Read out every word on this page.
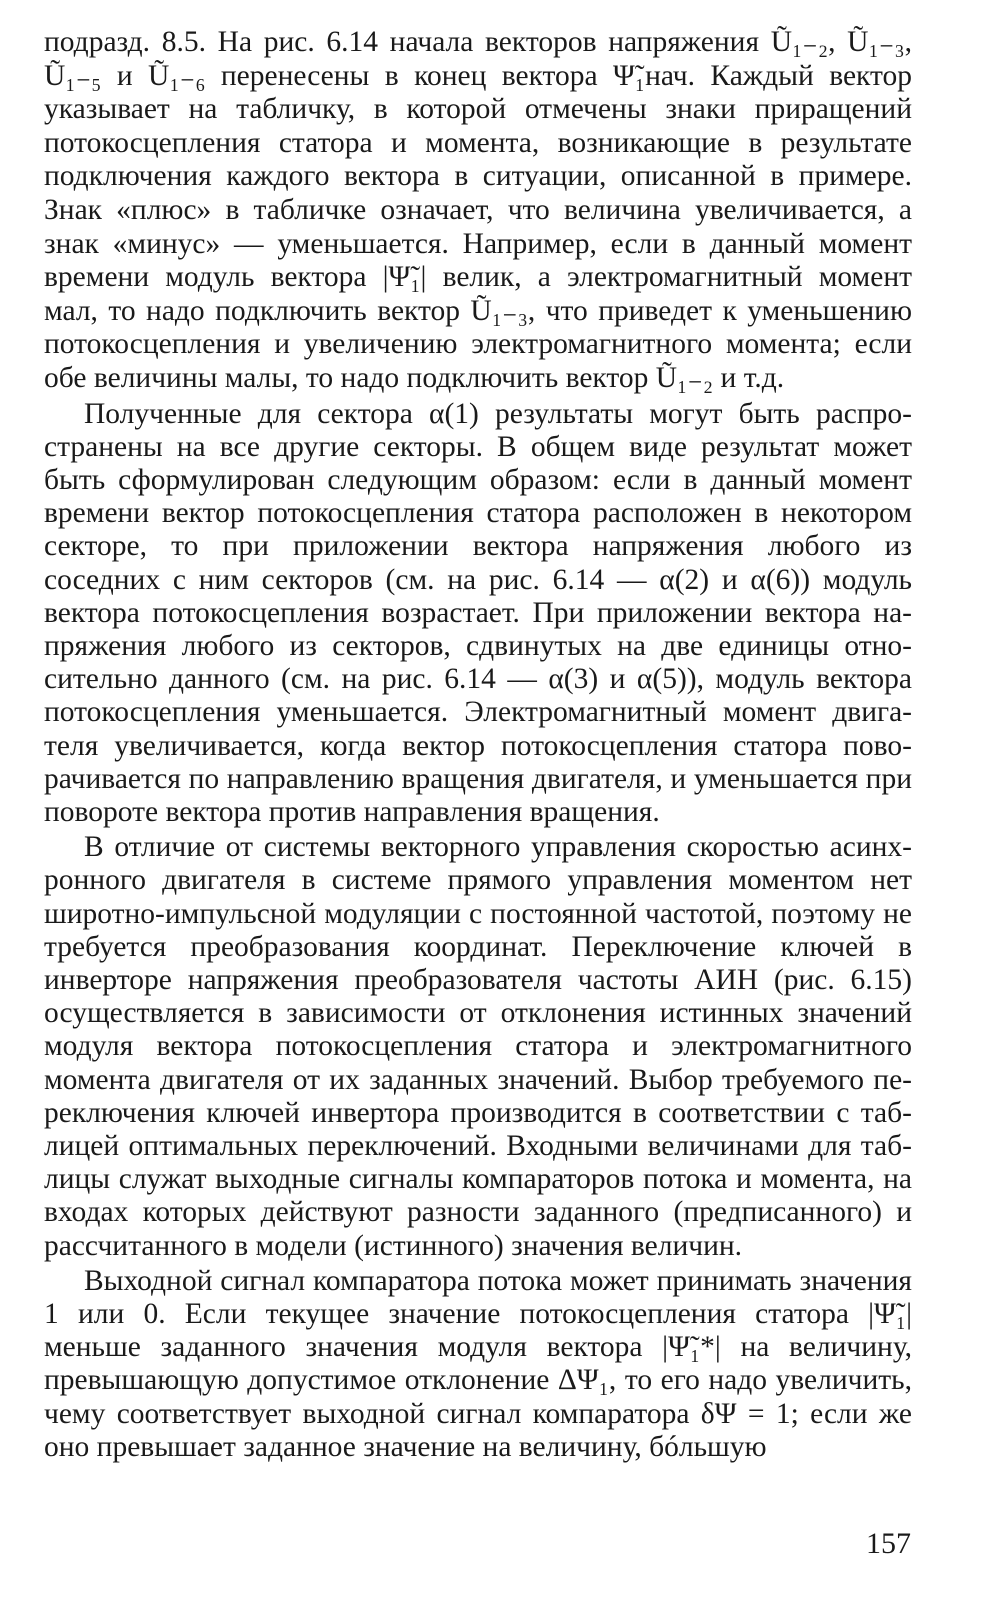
подразд. 8.5. На рис. 6.14 начала векторов напряжения Ũ₁₋₂, Ũ₁₋₃, Ũ₁₋₅ и Ũ₁₋₆ перенесены в конец вектора Ψ̃₁нач. Каждый вектор указывает на табличку, в которой отмечены знаки приращений потокосцепления статора и момента, возникающие в результате подключения каждого вектора в ситуации, описанной в примере. Знак «плюс» в табличке означает, что величина увеличивается, а знак «минус» — уменьшается. Например, если в данный момент времени модуль вектора |Ψ̃₁| велик, а электромагнитный момент мал, то надо подключить вектор Ũ₁₋₃, что приведет к уменьшению потокосцепления и увеличению электромагнитного момента; если обе величины малы, то надо подключить вектор Ũ₁₋₂ и т.д.

Полученные для сектора α(1) результаты могут быть распространены на все другие секторы. В общем виде результат может быть сформулирован следующим образом: если в данный момент времени вектор потокосцепления статора расположен в некотором секторе, то при приложении вектора напряжения любого из соседних с ним секторов (см. на рис. 6.14 — α(2) и α(6)) модуль вектора потокосцепления возрастает. При приложении вектора напряжения любого из секторов, сдвинутых на две единицы относительно данного (см. на рис. 6.14 — α(3) и α(5)), модуль вектора потокосцепления уменьшается. Электромагнитный момент двигателя увеличивается, когда вектор потокосцепления статора поворачивается по направлению вращения двигателя, и уменьшается при повороте вектора против направления вращения.

В отличие от системы векторного управления скоростью асинхронного двигателя в системе прямого управления моментом нет широтно-импульсной модуляции с постоянной частотой, поэтому не требуется преобразования координат. Переключение ключей в инверторе напряжения преобразователя частоты АИН (рис. 6.15) осуществляется в зависимости от отклонения истинных значений модуля вектора потокосцепления статора и электромагнитного момента двигателя от их заданных значений. Выбор требуемого переключения ключей инвертора производится в соответствии с таблицей оптимальных переключений. Входными величинами для таблицы служат выходные сигналы компараторов потока и момента, на входах которых действуют разности заданного (предписанного) и рассчитанного в модели (истинного) значения величин.

Выходной сигнал компаратора потока может принимать значения 1 или 0. Если текущее значение потокосцепления статора |Ψ̃₁| меньше заданного значения модуля вектора |Ψ̃₁*| на величину, превышающую допустимое отклонение ΔΨ₁, то его надо увеличить, чему соответствует выходной сигнал компаратора δΨ = 1; если же оно превышает заданное значение на величину, бóльшую

157
